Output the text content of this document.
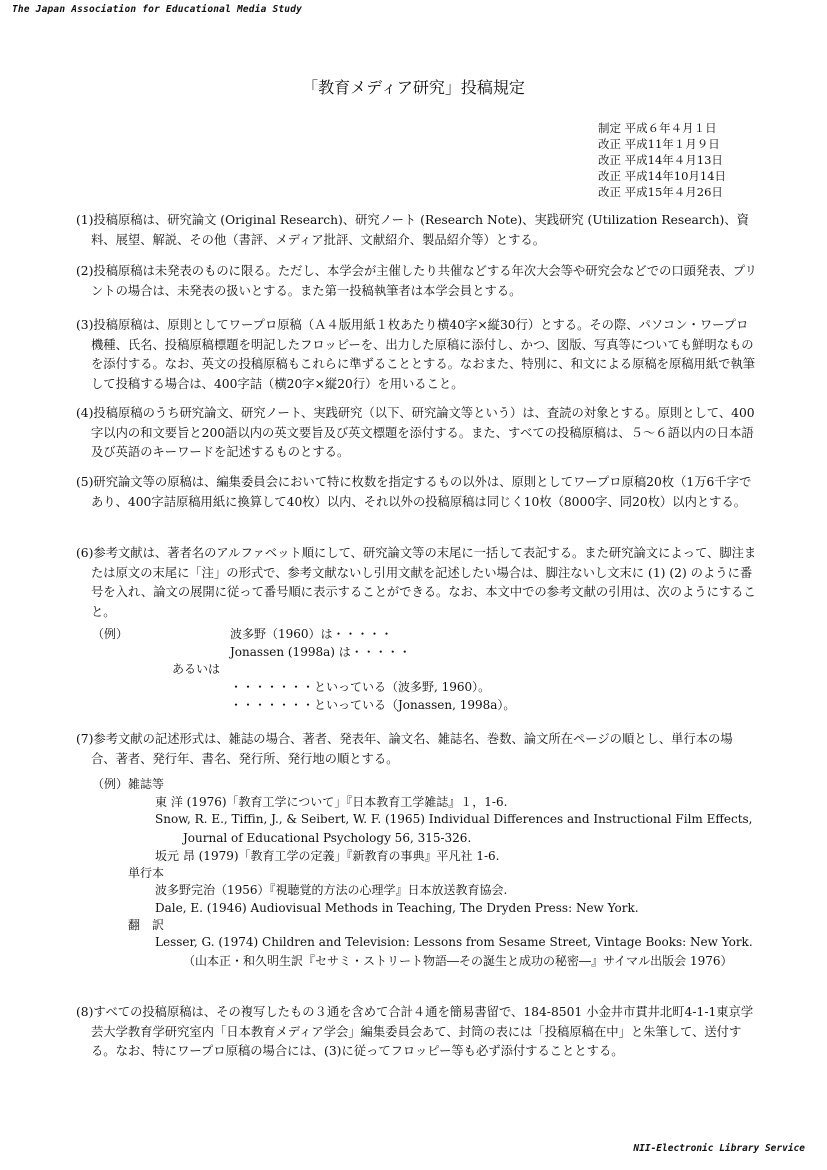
The Japan Association for Educational Media Study
「教育メディア研究」投稿規定
制定 平成６年４月１日
改正 平成11年１月９日
改正 平成14年４月13日
改正 平成14年10月14日
改正 平成15年４月26日
(1)投稿原稿は、研究論文 (Original Research)、研究ノート (Research Note)、実践研究 (Utilization Research)、資料、展望、解説、その他（書評、メディア批評、文献紹介、製品紹介等）とする。
(2)投稿原稿は未発表のものに限る。ただし、本学会が主催したり共催などする年次大会等や研究会などでの口頭発表、プリントの場合は、未発表の扱いとする。また第一投稿執筆者は本学会員とする。
(3)投稿原稿は、原則としてワープロ原稿（Ａ４版用紙１枚あたり横40字×縦30行）とする。その際、パソコン・ワープロ機種、氏名、投稿原稿標題を明記したフロッピーを、出力した原稿に添付し、かつ、図版、写真等についても鮮明なものを添付する。なお、英文の投稿原稿もこれらに準ずることとする。なおまた、特別に、和文による原稿を原稿用紙で執筆して投稿する場合は、400字詰（横20字×縦20行）を用いること。
(4)投稿原稿のうち研究論文、研究ノート、実践研究（以下、研究論文等という）は、査読の対象とする。原則として、400字以内の和文要旨と200語以内の英文要旨及び英文標題を添付する。また、すべての投稿原稿は、５～６語以内の日本語及び英語のキーワードを記述するものとする。
(5)研究論文等の原稿は、編集委員会において特に枚数を指定するもの以外は、原則としてワープロ原稿20枚（1万6千字であり、400字詰原稿用紙に換算して40枚）以内、それ以外の投稿原稿は同じく10枚（8000字、同20枚）以内とする。
(6)参考文献は、著者名のアルファベット順にして、研究論文等の末尾に一括して表記する。また研究論文によって、脚注または原文の末尾に「注」の形式で、参考文献ないし引用文献を記述したい場合は、脚注ないし文末に (1) (2) のように番号を入れ、論文の展開に従って番号順に表示することができる。なお、本文中での参考文献の引用は、次のようにすること。
（例）	波多野（1960）は・・・・・
Jonassen (1998a) は・・・・・
あるいは
・・・・・・・といっている（波多野, 1960）。
・・・・・・・といっている（Jonassen, 1998a）。
(7)参考文献の記述形式は、雑誌の場合、著者、発表年、論文名、雑誌名、巻数、論文所在ページの順とし、単行本の場合、著者、発行年、書名、発行所、発行地の順とする。
（例）雑誌等
東 洋 (1976)「教育工学について」『日本教育工学雑誌』１，1-6.
Snow, R. E., Tiffin, J., & Seibert, W. F. (1965) Individual Differences and Instructional Film Effects, Journal of Educational Psychology 56, 315-326.
坂元 昂 (1979)「教育工学の定義」『新教育の事典』平凡社 1-6.
単行本
波多野完治（1956）『視聴覚的方法の心理学』日本放送教育協会.
Dale, E. (1946) Audiovisual Methods in Teaching, The Dryden Press: New York.
翻　訳
Lesser, G. (1974) Children and Television: Lessons from Sesame Street, Vintage Books: New York.（山本正・和久明生訳『セサミ・ストリート物語―その誕生と成功の秘密―』サイマル出版会 1976）
(8)すべての投稿原稿は、その複写したもの３通を含めて合計４通を簡易書留で、184-8501 小金井市貫井北町4-1-1東京学芸大学教育学研究室内「日本教育メディア学会」編集委員会あて、封筒の表には「投稿原稿在中」と朱筆して、送付する。なお、特にワープロ原稿の場合には、(3)に従ってフロッピー等も必ず添付することとする。
NII-Electronic Library Service
